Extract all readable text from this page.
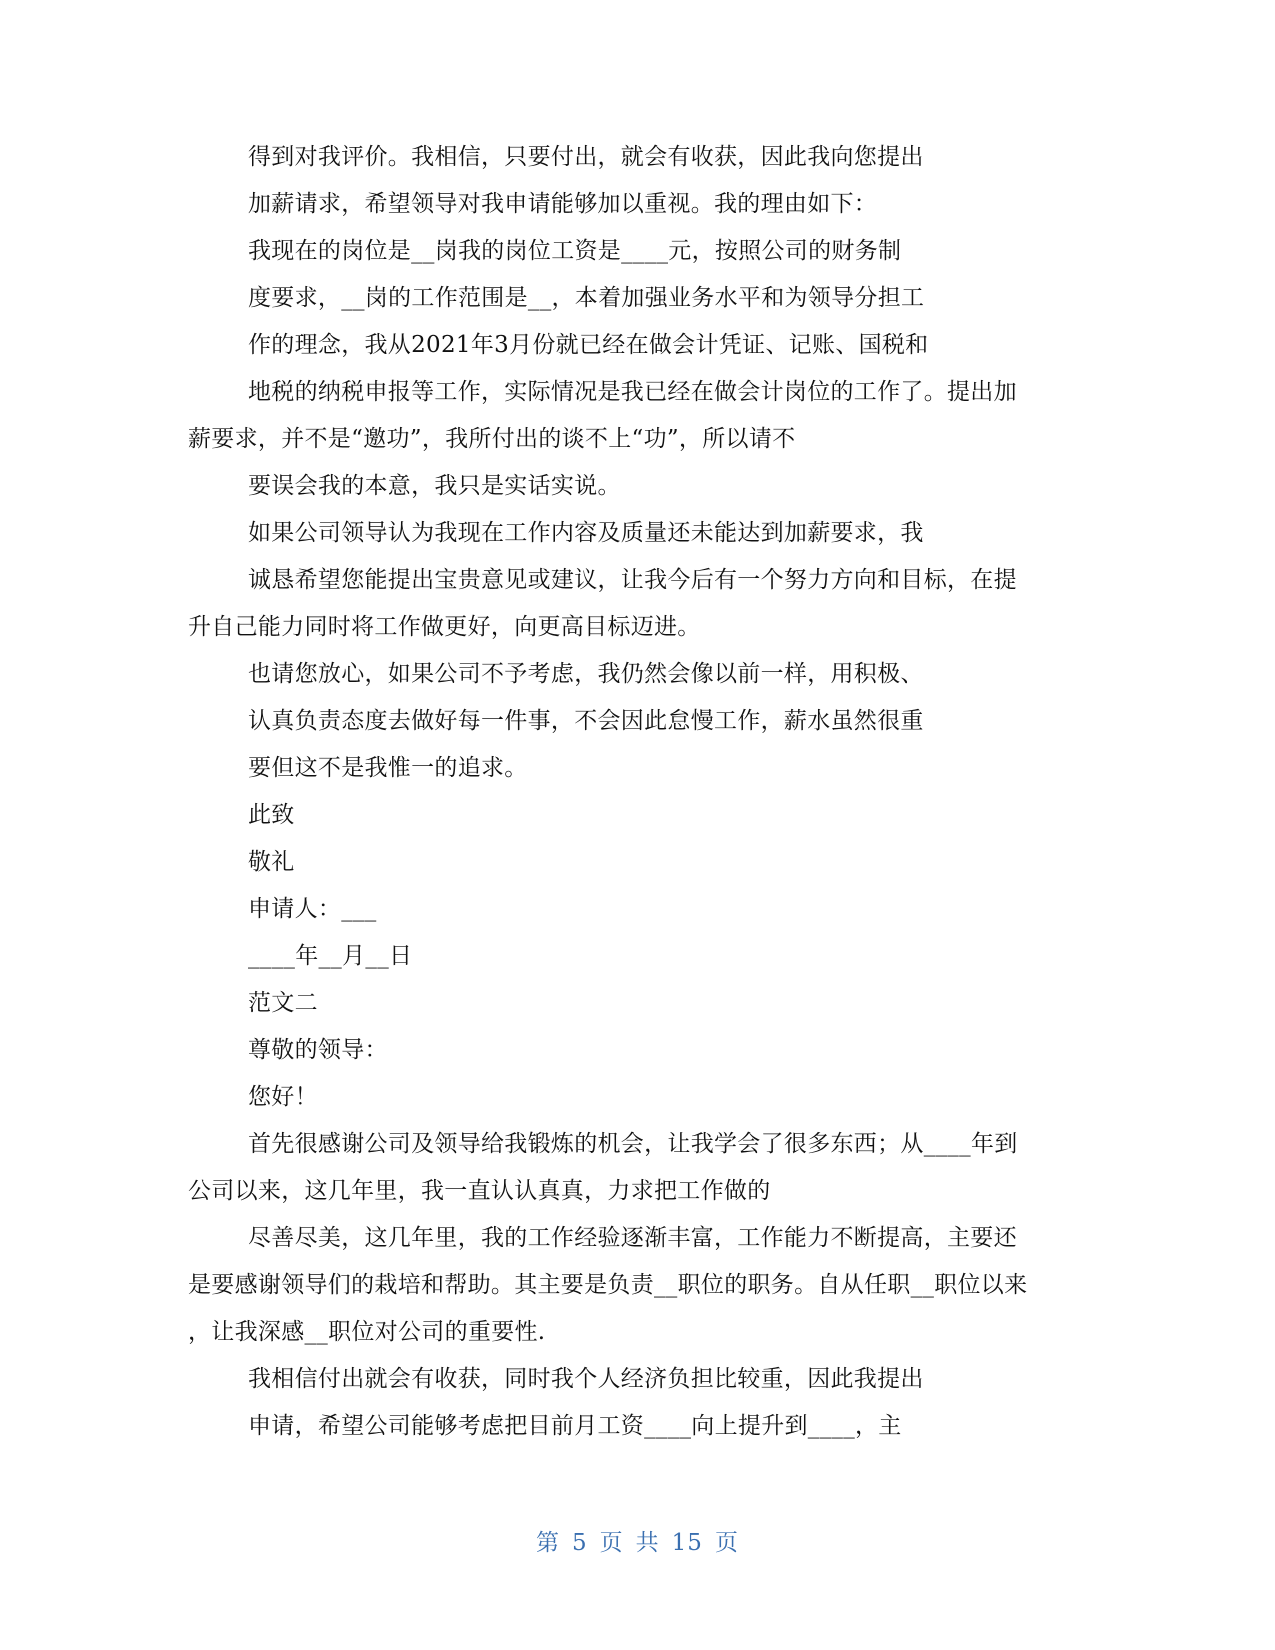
得到对我评价。我相信，只要付出，就会有收获，因此我向您提出
加薪请求，希望领导对我申请能够加以重视。我的理由如下：
我现在的岗位是__岗我的岗位工资是____元，按照公司的财务制
度要求，__岗的工作范围是__，本着加强业务水平和为领导分担工
作的理念，我从2021年3月份就已经在做会计凭证、记账、国税和
地税的纳税申报等工作，实际情况是我已经在做会计岗位的工作了。提出加
薪要求，并不是“邀功”，我所付出的谈不上“功”，所以请不
要误会我的本意，我只是实话实说。
如果公司领导认为我现在工作内容及质量还未能达到加薪要求，我
诚恳希望您能提出宝贵意见或建议，让我今后有一个努力方向和目标，在提
升自己能力同时将工作做更好，向更高目标迈进。
也请您放心，如果公司不予考虑，我仍然会像以前一样，用积极、
认真负责态度去做好每一件事，不会因此怠慢工作，薪水虽然很重
要但这不是我惟一的追求。
此致
敬礼
申请人：___
____年__月__日
范文二
尊敬的领导：
您好！
首先很感谢公司及领导给我锻炼的机会，让我学会了很多东西；从____年到
公司以来，这几年里，我一直认认真真，力求把工作做的
尽善尽美，这几年里，我的工作经验逐渐丰富，工作能力不断提高，主要还
是要感谢领导们的栽培和帮助。其主要是负责__职位的职务。自从任职__职位以来
，让我深感__职位对公司的重要性.
我相信付出就会有收获，同时我个人经济负担比较重，因此我提出
申请，希望公司能够考虑把目前月工资____向上提升到____，主
第 5 页 共 15 页
